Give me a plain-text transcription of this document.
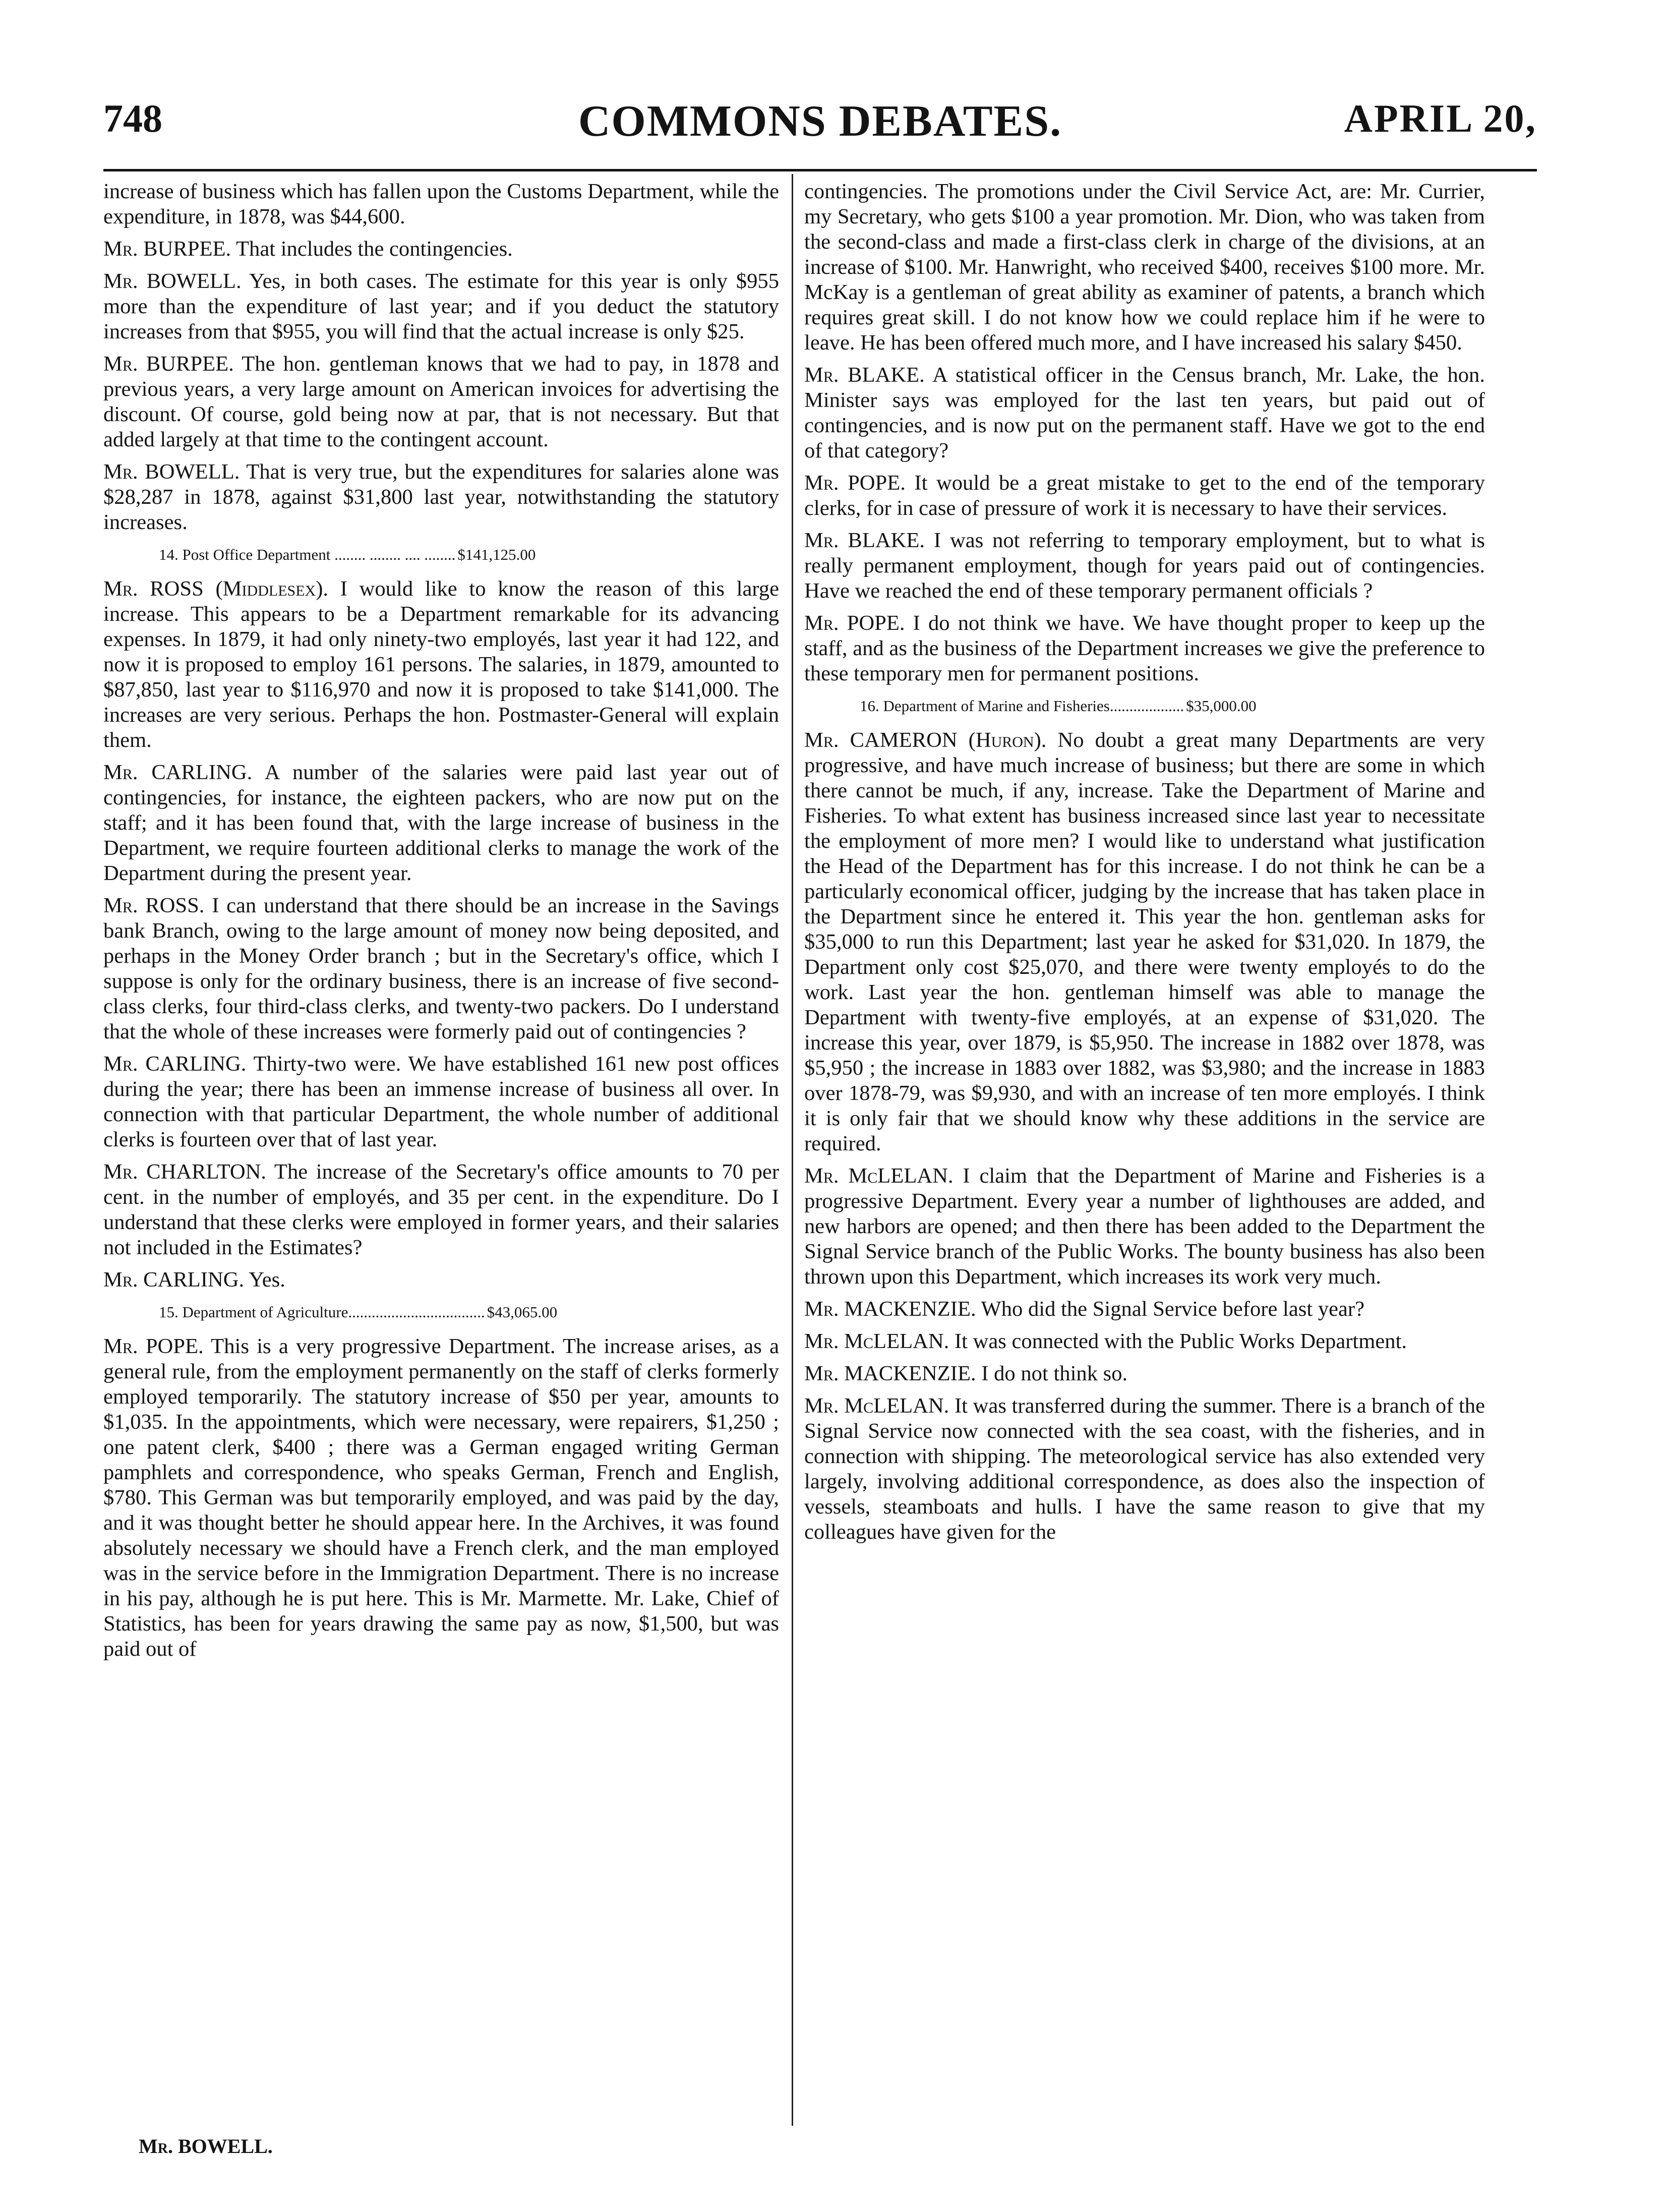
748	COMMONS DEBATES.	APRIL 20,

increase of business which has fallen upon the Customs Department, while the expenditure, in 1878, was $44,600.

Mr. BURPEE. That includes the contingencies.

Mr. BOWELL. Yes, in both cases. The estimate for this year is only $955 more than the expenditure of last year; and if you deduct the statutory increases from that $955, you will find that the actual increase is only $25.

Mr. BURPEE. The hon. gentleman knows that we had to pay, in 1878 and previous years, a very large amount on American invoices for advertising the discount. Of course, gold being now at par, that is not necessary. But that added largely at that time to the contingent account.

Mr. BOWELL. That is very true, but the expenditures for salaries alone was $28,287 in 1878, against $31,800 last year, notwithstanding the statutory increases.

14. Post Office Department ........ ........ .... ........ $141,125.00

Mr. ROSS (Middlesex). I would like to know the reason of this large increase. This appears to be a Department remarkable for its advancing expenses. In 1879, it had only ninety-two employés, last year it had 122, and now it is proposed to employ 161 persons. The salaries, in 1879, amounted to $87,850, last year to $116,970 and now it is proposed to take $141,000. The increases are very serious. Perhaps the hon. Postmaster-General will explain them.

Mr. CARLING. A number of the salaries were paid last year out of contingencies, for instance, the eighteen packers, who are now put on the staff; and it has been found that, with the large increase of business in the Department, we require fourteen additional clerks to manage the work of the Department during the present year.

Mr. ROSS. I can understand that there should be an increase in the Savings bank Branch, owing to the large amount of money now being deposited, and perhaps in the Money Order branch ; but in the Secretary's office, which I suppose is only for the ordinary business, there is an increase of five second-class clerks, four third-class clerks, and twenty-two packers. Do I understand that the whole of these increases were formerly paid out of contingencies ?

Mr. CARLING. Thirty-two were. We have established 161 new post offices during the year; there has been an immense increase of business all over. In connection with that particular Department, the whole number of additional clerks is fourteen over that of last year.

Mr. CHARLTON. The increase of the Secretary's office amounts to 70 per cent. in the number of employés, and 35 per cent. in the expenditure. Do I understand that these clerks were employed in former years, and their salaries not included in the Estimates?

Mr. CARLING. Yes.

15. Department of Agriculture................................... $43,065.00

Mr. POPE. This is a very progressive Department. The increase arises, as a general rule, from the employment permanently on the staff of clerks formerly employed temporarily. The statutory increase of $50 per year, amounts to $1,035. In the appointments, which were necessary, were repairers, $1,250 ; one patent clerk, $400 ; there was a German engaged writing German pamphlets and correspondence, who speaks German, French and English, $780. This German was but temporarily employed, and was paid by the day, and it was thought better he should appear here. In the Archives, it was found absolutely necessary we should have a French clerk, and the man employed was in the service before in the Immigration Department. There is no increase in his pay, although he is put here. This is Mr. Marmette. Mr. Lake, Chief of Statistics, has been for years drawing the same pay as now, $1,500, but was paid out of

contingencies. The promotions under the Civil Service Act, are: Mr. Currier, my Secretary, who gets $100 a year promotion. Mr. Dion, who was taken from the second-class and made a first-class clerk in charge of the divisions, at an increase of $100. Mr. Hanwright, who received $400, receives $100 more. Mr. McKay is a gentleman of great ability as examiner of patents, a branch which requires great skill. I do not know how we could replace him if he were to leave. He has been offered much more, and I have increased his salary $450.

Mr. BLAKE. A statistical officer in the Census branch, Mr. Lake, the hon. Minister says was employed for the last ten years, but paid out of contingencies, and is now put on the permanent staff. Have we got to the end of that category?

Mr. POPE. It would be a great mistake to get to the end of the temporary clerks, for in case of pressure of work it is necessary to have their services.

Mr. BLAKE. I was not referring to temporary employment, but to what is really permanent employment, though for years paid out of contingencies. Have we reached the end of these temporary permanent officials ?

Mr. POPE. I do not think we have. We have thought proper to keep up the staff, and as the business of the Department increases we give the preference to these temporary men for permanent positions.

16. Department of Marine and Fisheries................... $35,000.00

Mr. CAMERON (Huron). No doubt a great many Departments are very progressive, and have much increase of business; but there are some in which there cannot be much, if any, increase. Take the Department of Marine and Fisheries. To what extent has business increased since last year to necessitate the employment of more men? I would like to understand what justification the Head of the Department has for this increase. I do not think he can be a particularly economical officer, judging by the increase that has taken place in the Department since he entered it. This year the hon. gentleman asks for $35,000 to run this Department; last year he asked for $31,020. In 1879, the Department only cost $25,070, and there were twenty employés to do the work. Last year the hon. gentleman himself was able to manage the Department with twenty-five employés, at an expense of $31,020. The increase this year, over 1879, is $5,950. The increase in 1882 over 1878, was $5,950 ; the increase in 1883 over 1882, was $3,980; and the increase in 1883 over 1878-79, was $9,930, and with an increase of ten more employés. I think it is only fair that we should know why these additions in the service are required.

Mr. McLELAN. I claim that the Department of Marine and Fisheries is a progressive Department. Every year a number of lighthouses are added, and new harbors are opened; and then there has been added to the Department the Signal Service branch of the Public Works. The bounty business has also been thrown upon this Department, which increases its work very much.

Mr. MACKENZIE. Who did the Signal Service before last year?

Mr. McLELAN. It was connected with the Public Works Department.

Mr. MACKENZIE. I do not think so.

Mr. McLELAN. It was transferred during the summer. There is a branch of the Signal Service now connected with the sea coast, with the fisheries, and in connection with shipping. The meteorological service has also extended very largely, involving additional correspondence, as does also the inspection of vessels, steamboats and hulls. I have the same reason to give that my colleagues have given for the

Mr. BOWELL.
